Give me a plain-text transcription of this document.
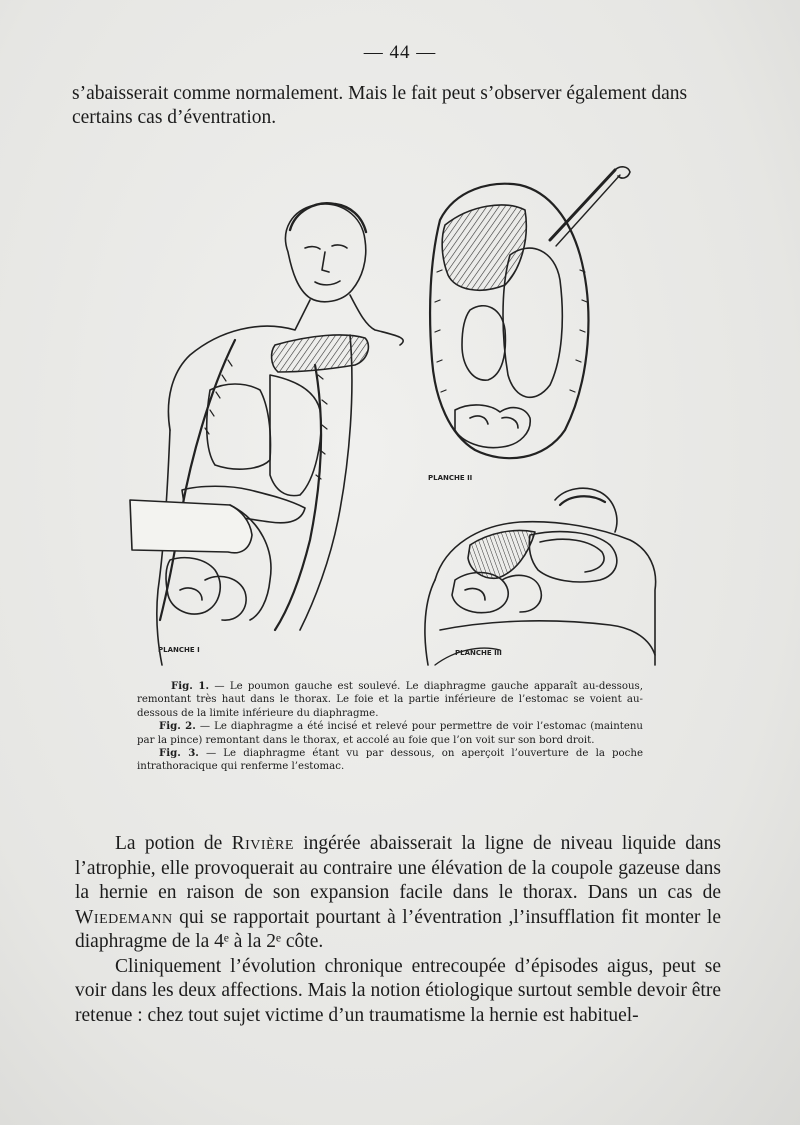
— 44 —

s’abaisserait comme normalement. Mais le fait peut s’observer également dans

certains cas d’éventration.

PLANCHE I
PLANCHE II
PLANCHE III

Fig. 1. — Le poumon gauche est soulevé. Le diaphragme gauche apparaît au-dessous, remontant très haut dans le thorax. Le foie et la partie inférieure de l’estomac se voient au-dessous de la limite inférieure du diaphragme.

Fig. 2. — Le diaphragme a été incisé et relevé pour permettre de voir l’estomac (maintenu par la pince) remontant dans le thorax, et accolé au foie que l’on voit sur son bord droit.

Fig. 3. — Le diaphragme étant vu par dessous, on aperçoit l’ouverture de la poche intrathoracique qui renferme l’estomac.

La potion de Rivière ingérée abaisserait la ligne de niveau liquide dans l’atrophie, elle provoquerait au contraire une élévation de la coupole gazeuse dans la hernie en raison de son expansion facile dans le thorax. Dans un cas de Wiedemann qui se rapportait pourtant à l’éventration ,l’insufflation fit monter le diaphragme de la 4ᵉ à la 2ᵉ côte.

Cliniquement l’évolution chronique entrecoupée d’épisodes aigus, peut se voir dans les deux affections. Mais la notion étiologique surtout semble devoir être retenue : chez tout sujet victime d’un traumatisme la hernie est habituel-
